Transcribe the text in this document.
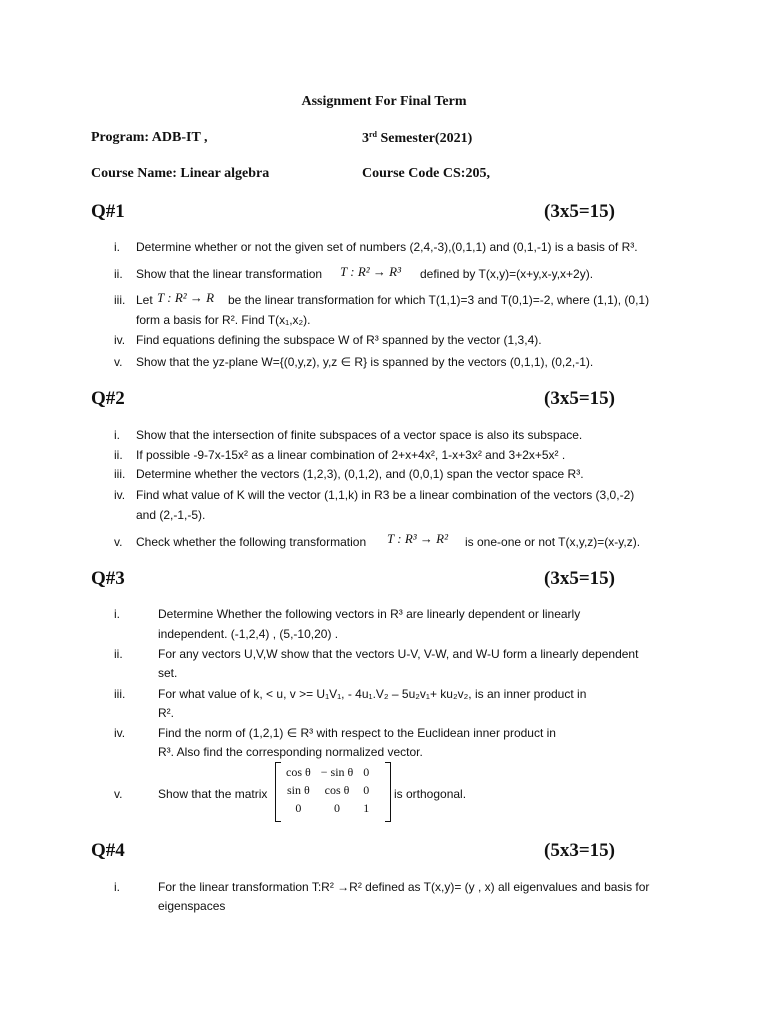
Assignment For Final Term
Program: ADB-IT ,	3rd Semester(2021)
Course Name: Linear algebra	Course Code CS:205,
Q#1	(3x5=15)
i. Determine whether or not the given set of numbers (2,4,-3),(0,1,1) and (0,1,-1) is a basis of R³.
ii. Show that the linear transformation T : R² → R³ defined by T(x,y)=(x+y,x-y,x+2y).
iii. Let T : R² → R be the linear transformation for which T(1,1)=3 and T(0,1)=-2, where (1,1), (0,1)
form a basis for R². Find T(x₁,x₂).
iv. Find equations defining the subspace W of R³ spanned by the vector (1,3,4).
v. Show that the yz-plane W={(0,y,z), y,z ∈ R} is spanned by the vectors (0,1,1), (0,2,-1).
Q#2	(3x5=15)
i. Show that the intersection of finite subspaces of a vector space is also its subspace.
ii. If possible -9-7x-15x² as a linear combination of 2+x+4x², 1-x+3x² and 3+2x+5x² .
iii. Determine whether the vectors (1,2,3), (0,1,2), and (0,0,1) span the vector space R³.
iv. Find what value of K will the vector (1,1,k) in R3 be a linear combination of the vectors (3,0,-2)
and (2,-1,-5).
v. Check whether the following transformation T : R³ → R² is one-one or not T(x,y,z)=(x-y,z).
Q#3	(3x5=15)
i.	Determine Whether the following vectors in R³ are linearly dependent or linearly
independent. (-1,2,4) , (5,-10,20) .
ii.	For any vectors U,V,W show that the vectors U-V, V-W, and W-U form a linearly dependent
set.
iii.	For what value of k, < u, v >= U₁V₁, - 4u₁.V₂ – 5u₂v₁+ ku₂v₂, is an inner product in
R².
iv.	Find the norm of (1,2,1) ∈ R³ with respect to the Euclidean inner product in
R³. Also find the corresponding normalized vector.
v.	Show that the matrix
cos θ	− sin θ	0
sin θ	cos θ	0
0	0	1
is orthogonal.
Q#4	(5x3=15)
i.	For the linear transformation T:R² →R² defined as T(x,y)= (y , x) all eigenvalues and basis for
eigenspaces
